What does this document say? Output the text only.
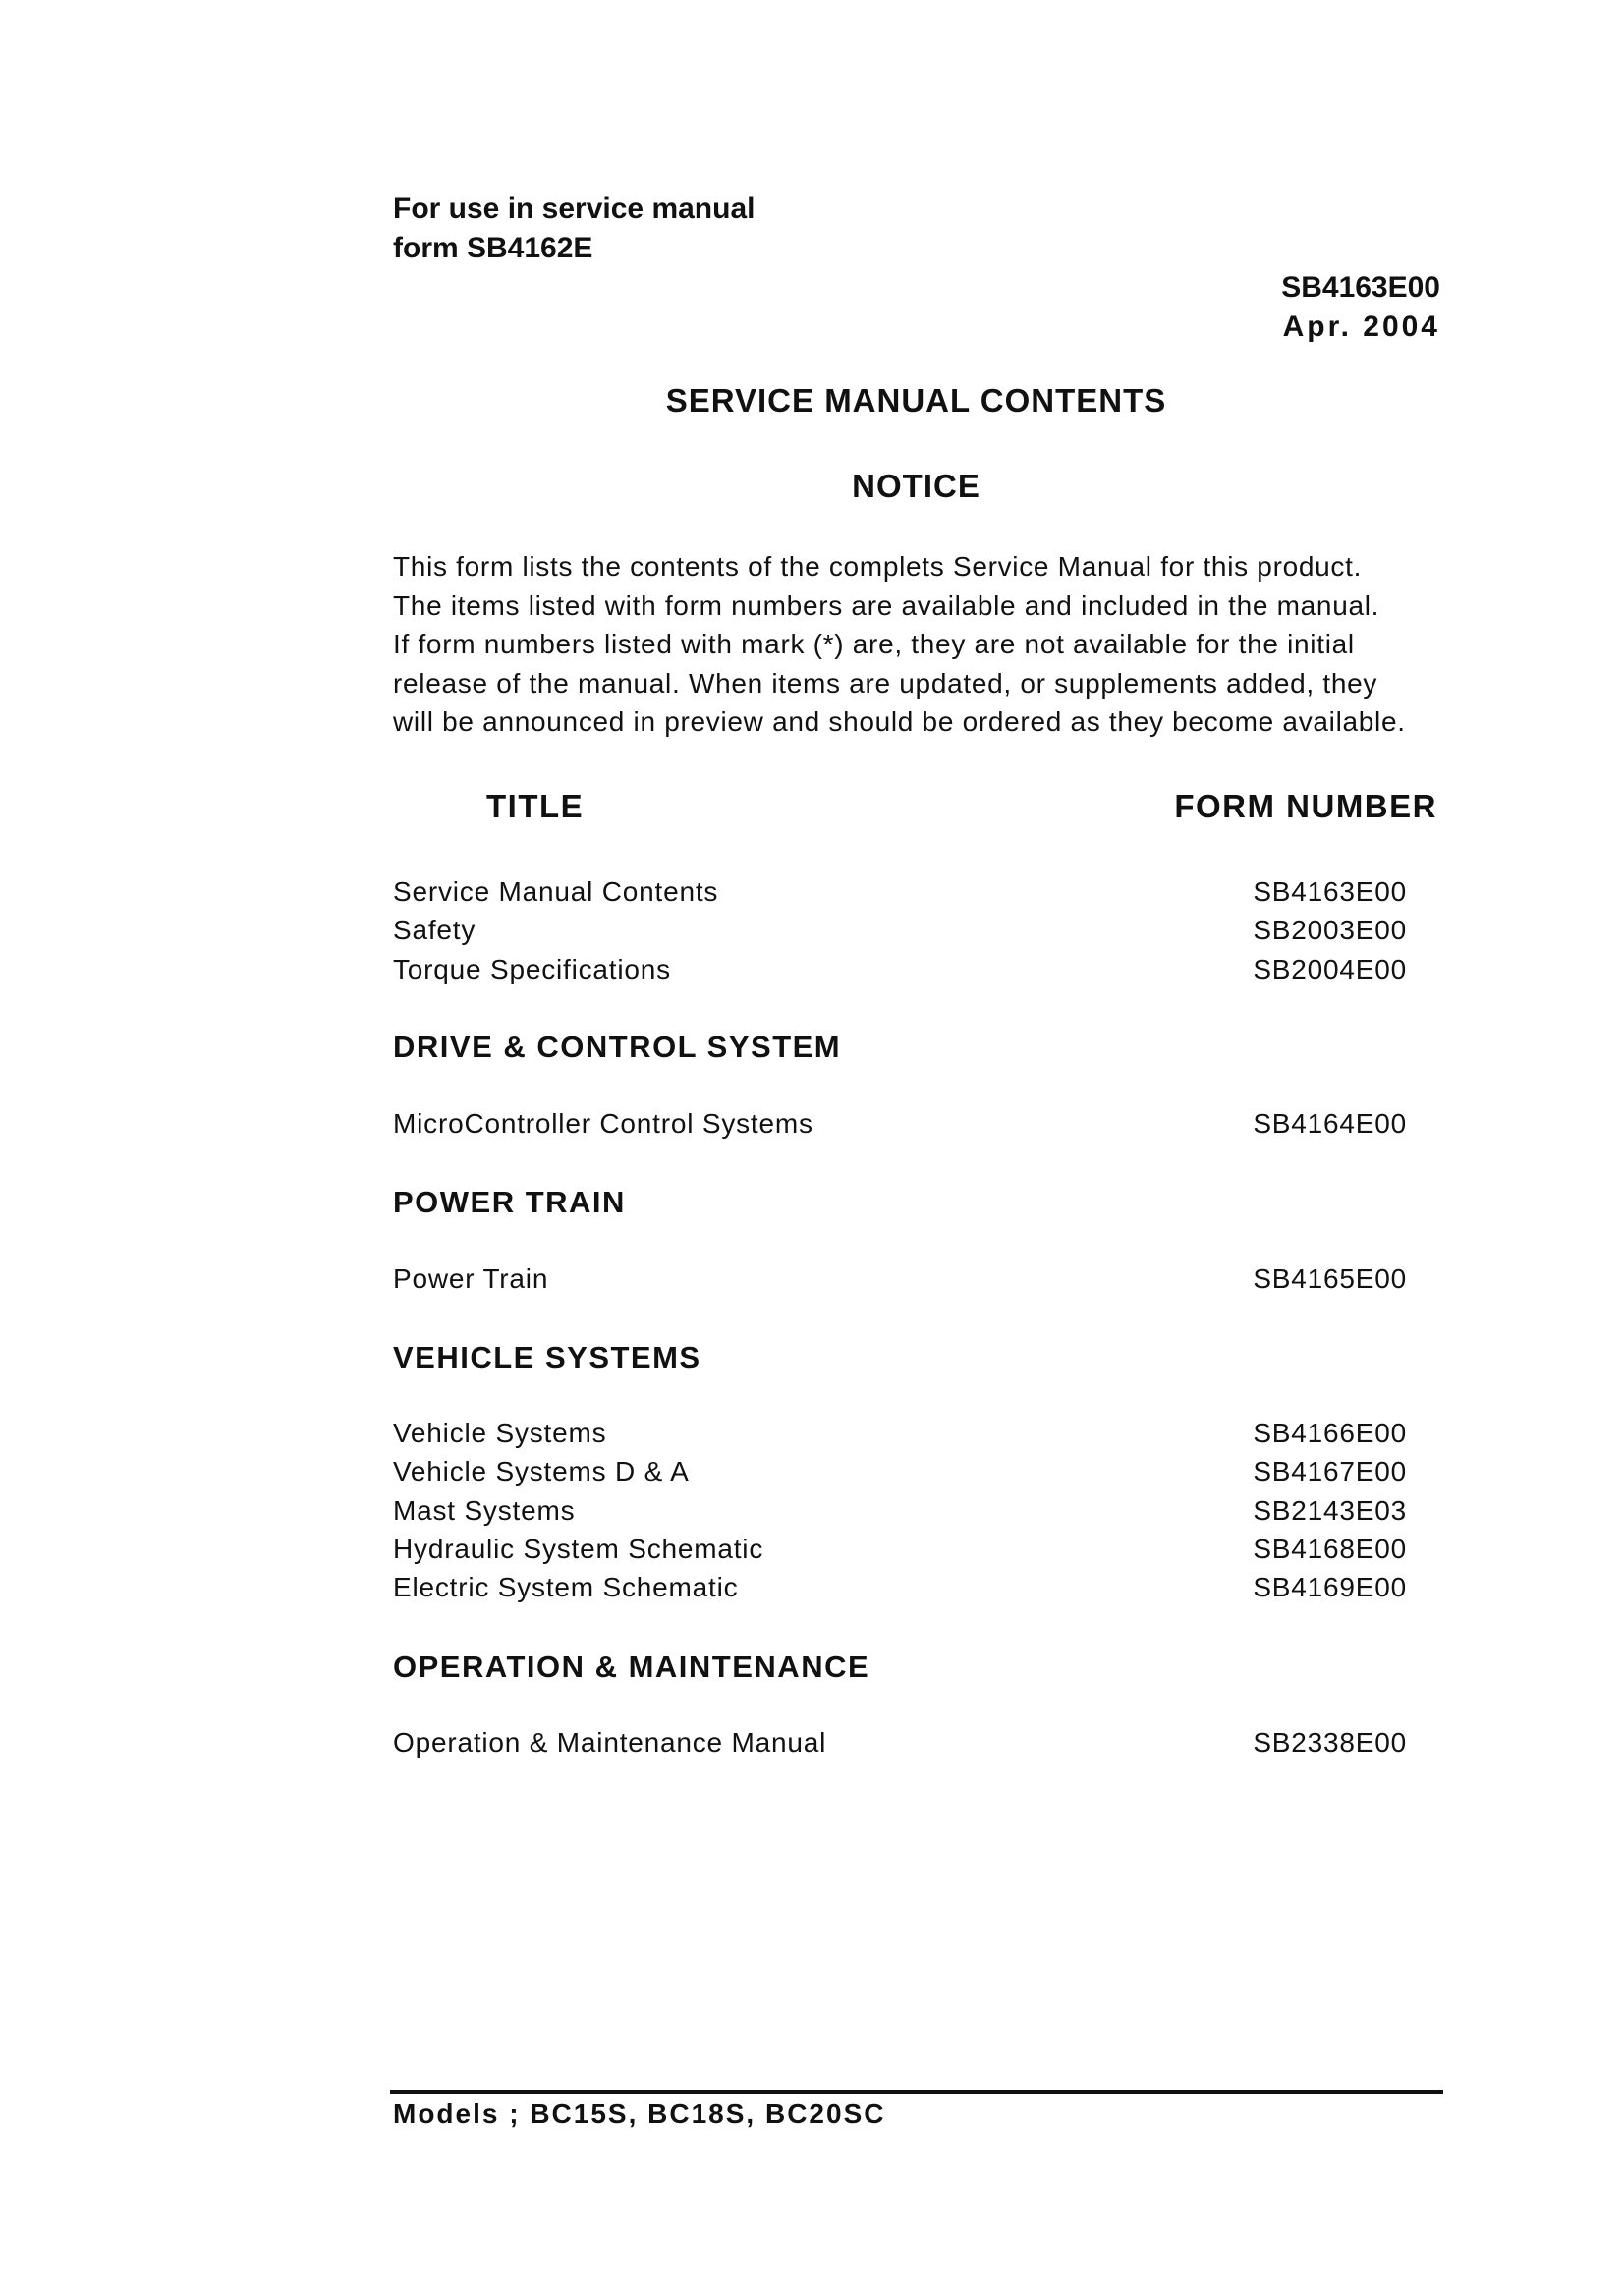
For use in service manual
form SB4162E
SB4163E00
Apr. 2004
SERVICE MANUAL CONTENTS
NOTICE
This form lists the contents of the complets Service Manual for this product.
The items listed with form numbers are available and included in the manual.
If form numbers listed with mark (*) are, they are not available for the initial
release of the manual. When items are updated, or supplements added, they
will be announced in preview and should be ordered as they become available.
TITLE	FORM NUMBER
Service Manual Contents	SB4163E00
Safety	SB2003E00
Torque Specifications	SB2004E00
DRIVE & CONTROL SYSTEM
MicroController Control Systems	SB4164E00
POWER TRAIN
Power Train	SB4165E00
VEHICLE SYSTEMS
Vehicle Systems	SB4166E00
Vehicle Systems D & A	SB4167E00
Mast Systems	SB2143E03
Hydraulic System Schematic	SB4168E00
Electric System Schematic	SB4169E00
OPERATION & MAINTENANCE
Operation & Maintenance Manual	SB2338E00
Models ; BC15S, BC18S, BC20SC
